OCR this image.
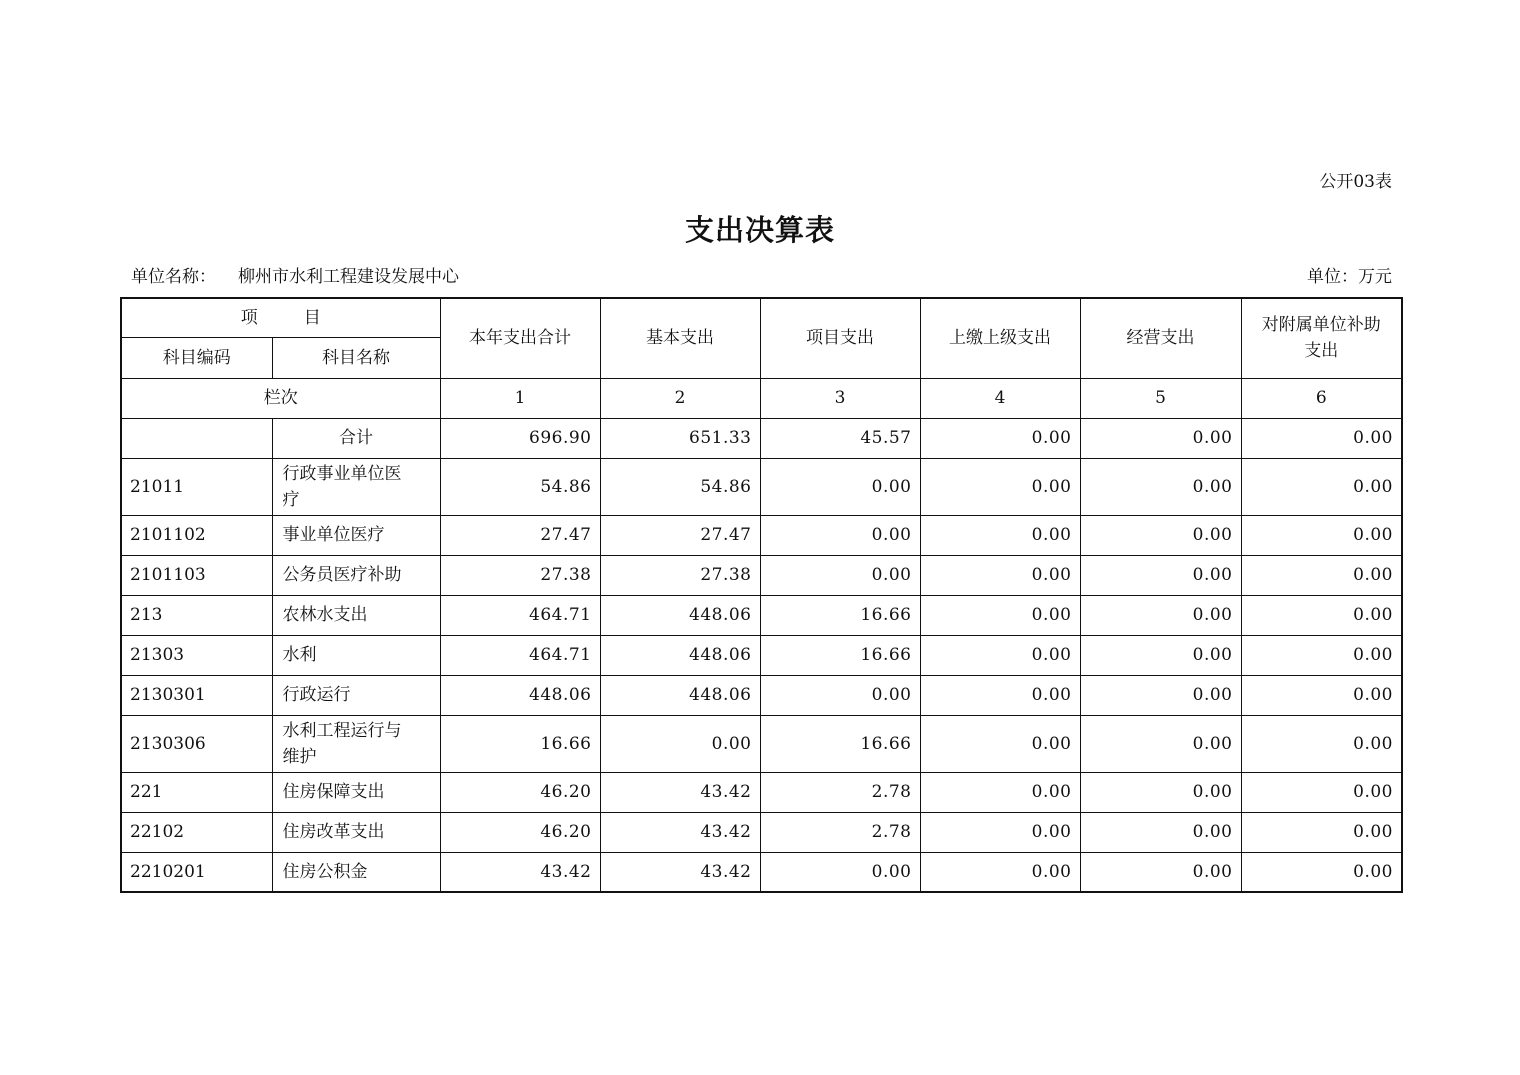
公开03表
支出决算表
单位名称： 柳州市水利工程建设发展中心	单位：万元
项 目		本年支出合计	基本支出	项目支出	上缴上级支出	经营支出	对附属单位补助支出
科目编码	科目名称						
栏次		1	2	3	4	5	6
	合计	696.90	651.33	45.57	0.00	0.00	0.00
21011	行政事业单位医疗	54.86	54.86	0.00	0.00	0.00	0.00
2101102	事业单位医疗	27.47	27.47	0.00	0.00	0.00	0.00
2101103	公务员医疗补助	27.38	27.38	0.00	0.00	0.00	0.00
213	农林水支出	464.71	448.06	16.66	0.00	0.00	0.00
21303	水利	464.71	448.06	16.66	0.00	0.00	0.00
2130301	行政运行	448.06	448.06	0.00	0.00	0.00	0.00
2130306	水利工程运行与维护	16.66	0.00	16.66	0.00	0.00	0.00
221	住房保障支出	46.20	43.42	2.78	0.00	0.00	0.00
22102	住房改革支出	46.20	43.42	2.78	0.00	0.00	0.00
2210201	住房公积金	43.42	43.42	0.00	0.00	0.00	0.00
